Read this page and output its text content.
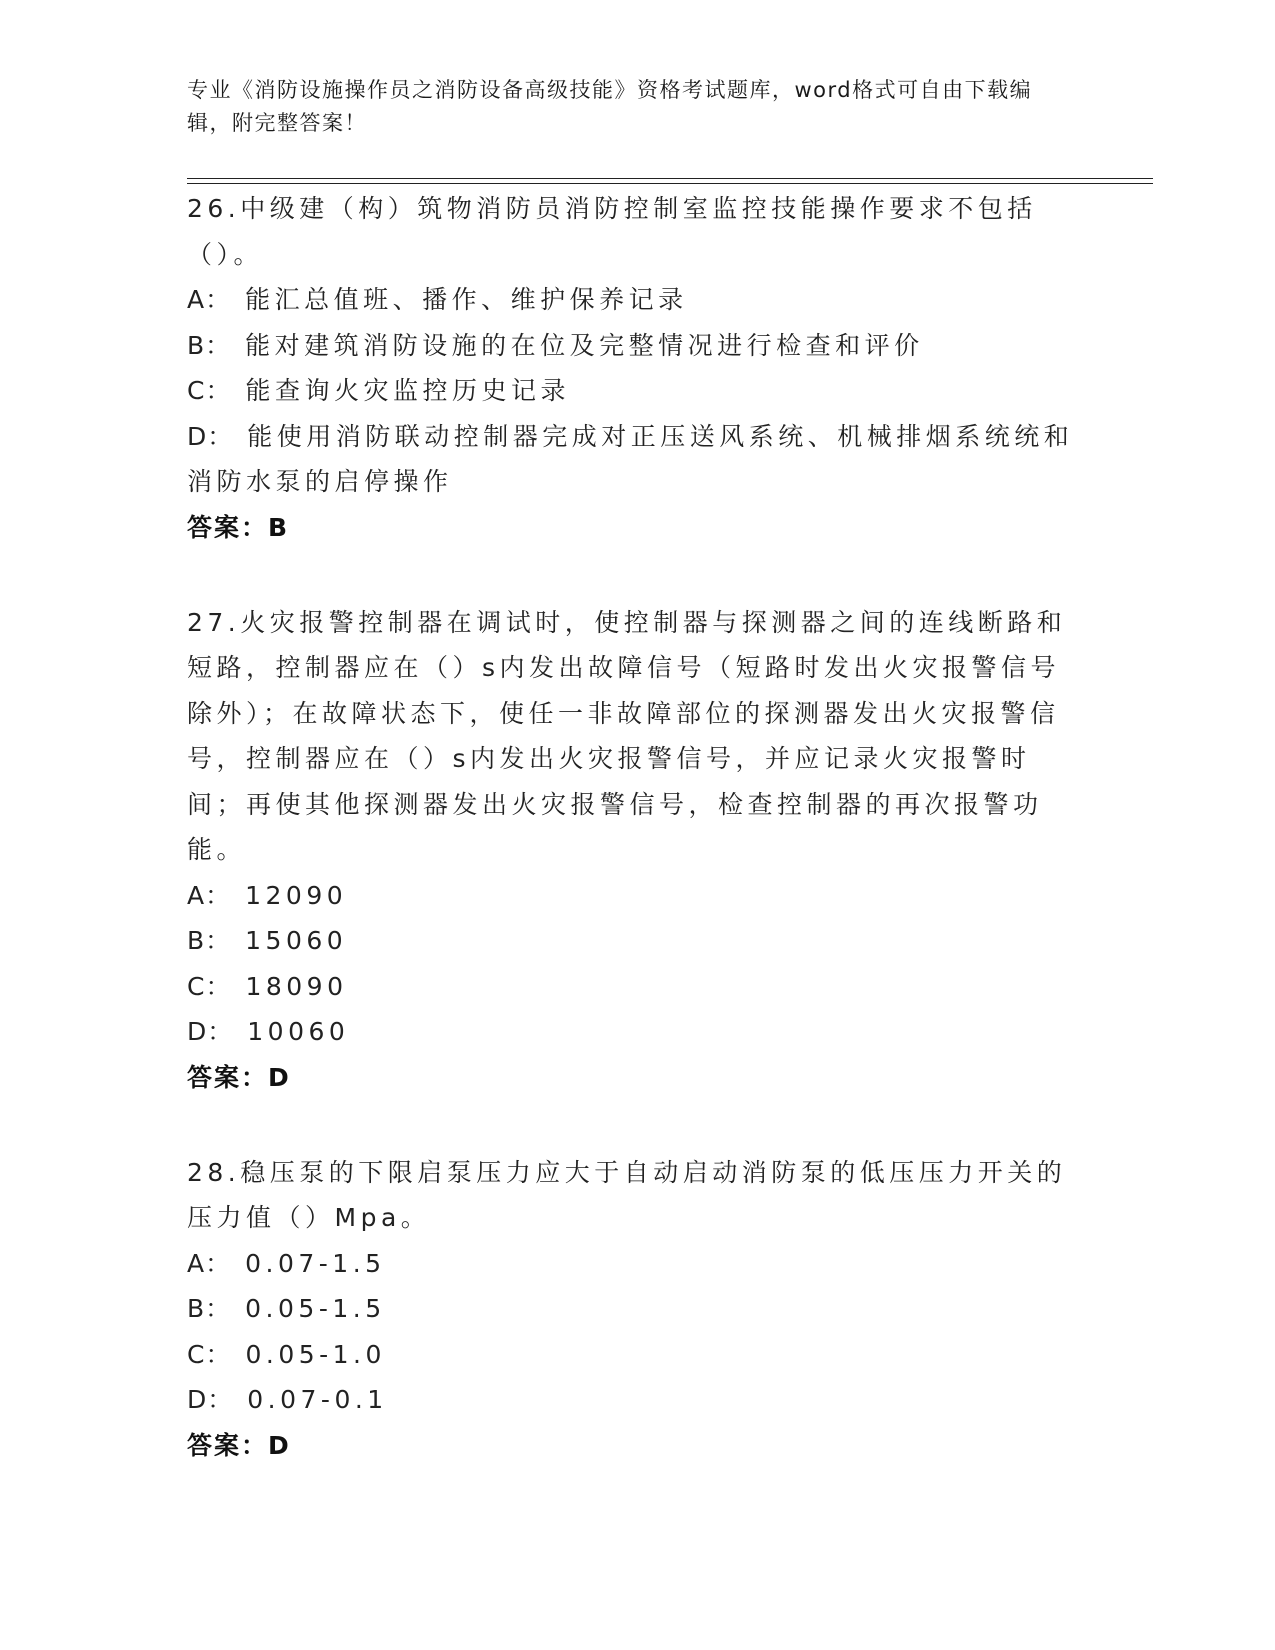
专业《消防设施操作员之消防设备高级技能》资格考试题库，word格式可自由下载编辑，附完整答案！

26.中级建（构）筑物消防员消防控制室监控技能操作要求不包括（）。

A： 能汇总值班、播作、维护保养记录

B： 能对建筑消防设施的在位及完整情况进行检查和评价

C： 能查询火灾监控历史记录

D： 能使用消防联动控制器完成对正压送风系统、机械排烟系统统和消防水泵的启停操作

答案：B

27.火灾报警控制器在调试时，使控制器与探测器之间的连线断路和短路，控制器应在（）s内发出故障信号（短路时发出火灾报警信号除外）；在故障状态下，使任一非故障部位的探测器发出火灾报警信号，控制器应在（）s内发出火灾报警信号，并应记录火灾报警时间；再使其他探测器发出火灾报警信号，检查控制器的再次报警功能。

A： 12090

B： 15060

C： 18090

D： 10060

答案：D

28.稳压泵的下限启泵压力应大于自动启动消防泵的低压压力开关的压力值（）Mpa。

A： 0.07-1.5

B： 0.05-1.5

C： 0.05-1.0

D： 0.07-0.1

答案：D
